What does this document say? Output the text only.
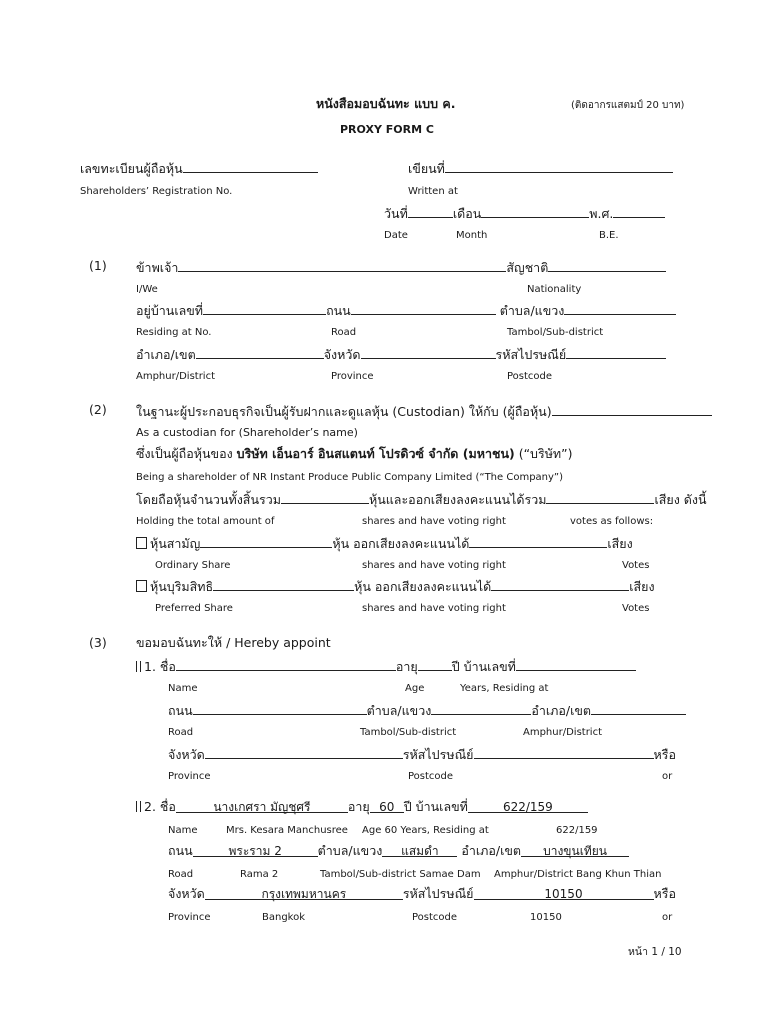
หนังสือมอบฉันทะ แบบ ค.	(ติดอากรแสตมป์ 20 บาท)
PROXY FORM C
เลขทะเบียนผู้ถือหุ้น	เขียนที่
Shareholders’ Registration No.	Written at
วันที่	เดือน	พ.ศ.
Date	Month	B.E.
(1) ข้าพเจ้า	สัญชาติ
I/We	Nationality
อยู่บ้านเลขที่	ถนน	ตำบล/แขวง
Residing at No.	Road	Tambol/Sub-district
อำเภอ/เขต	จังหวัด	รหัสไปรษณีย์
Amphur/District	Province	Postcode
(2) ในฐานะผู้ประกอบธุรกิจเป็นผู้รับฝากและดูแลหุ้น (Custodian) ให้กับ (ผู้ถือหุ้น)
As a custodian for (Shareholder’s name)
ซึ่งเป็นผู้ถือหุ้นของ บริษัท เอ็นอาร์ อินสแตนท์ โปรดิวซ์ จำกัด (มหาชน) (“บริษัท”)
Being a shareholder of NR Instant Produce Public Company Limited (“The Company”)
โดยถือหุ้นจำนวนทั้งสิ้นรวม	หุ้นและออกเสียงลงคะแนนได้รวม	เสียง ดังนี้
Holding the total amount of	shares and have voting right	votes as follows:
หุ้นสามัญ	หุ้น ออกเสียงลงคะแนนได้	เสียง
Ordinary Share	shares and have voting right	Votes
หุ้นบุริมสิทธิ	หุ้น ออกเสียงลงคะแนนได้	เสียง
Preferred Share	shares and have voting right	Votes
(3) ขอมอบฉันทะให้ / Hereby appoint
1. ชื่อ	อายุ	ปี บ้านเลขที่
Name	Age	Years, Residing at
ถนน	ตำบล/แขวง	อำเภอ/เขต
Road	Tambol/Sub-district	Amphur/District
จังหวัด	รหัสไปรษณีย์	หรือ
Province	Postcode	or
2. ชื่อ	นางเกศรา มัญชุศรี	อายุ 60 ปี บ้านเลขที่	622/159
Name	Mrs. Kesara Manchusree Age 60 Years, Residing at	622/159
ถนน	พระราม 2	ตำบล/แขวง แสมดำ อำเภอ/เขต บางขุนเทียน
Road	Rama 2	Tambol/Sub-district Samae Dam Amphur/District Bang Khun Thian
จังหวัด	กรุงเทพมหานคร	รหัสไปรษณีย์	10150	หรือ
Province	Bangkok	Postcode	10150	or
หน้า 1 / 10
